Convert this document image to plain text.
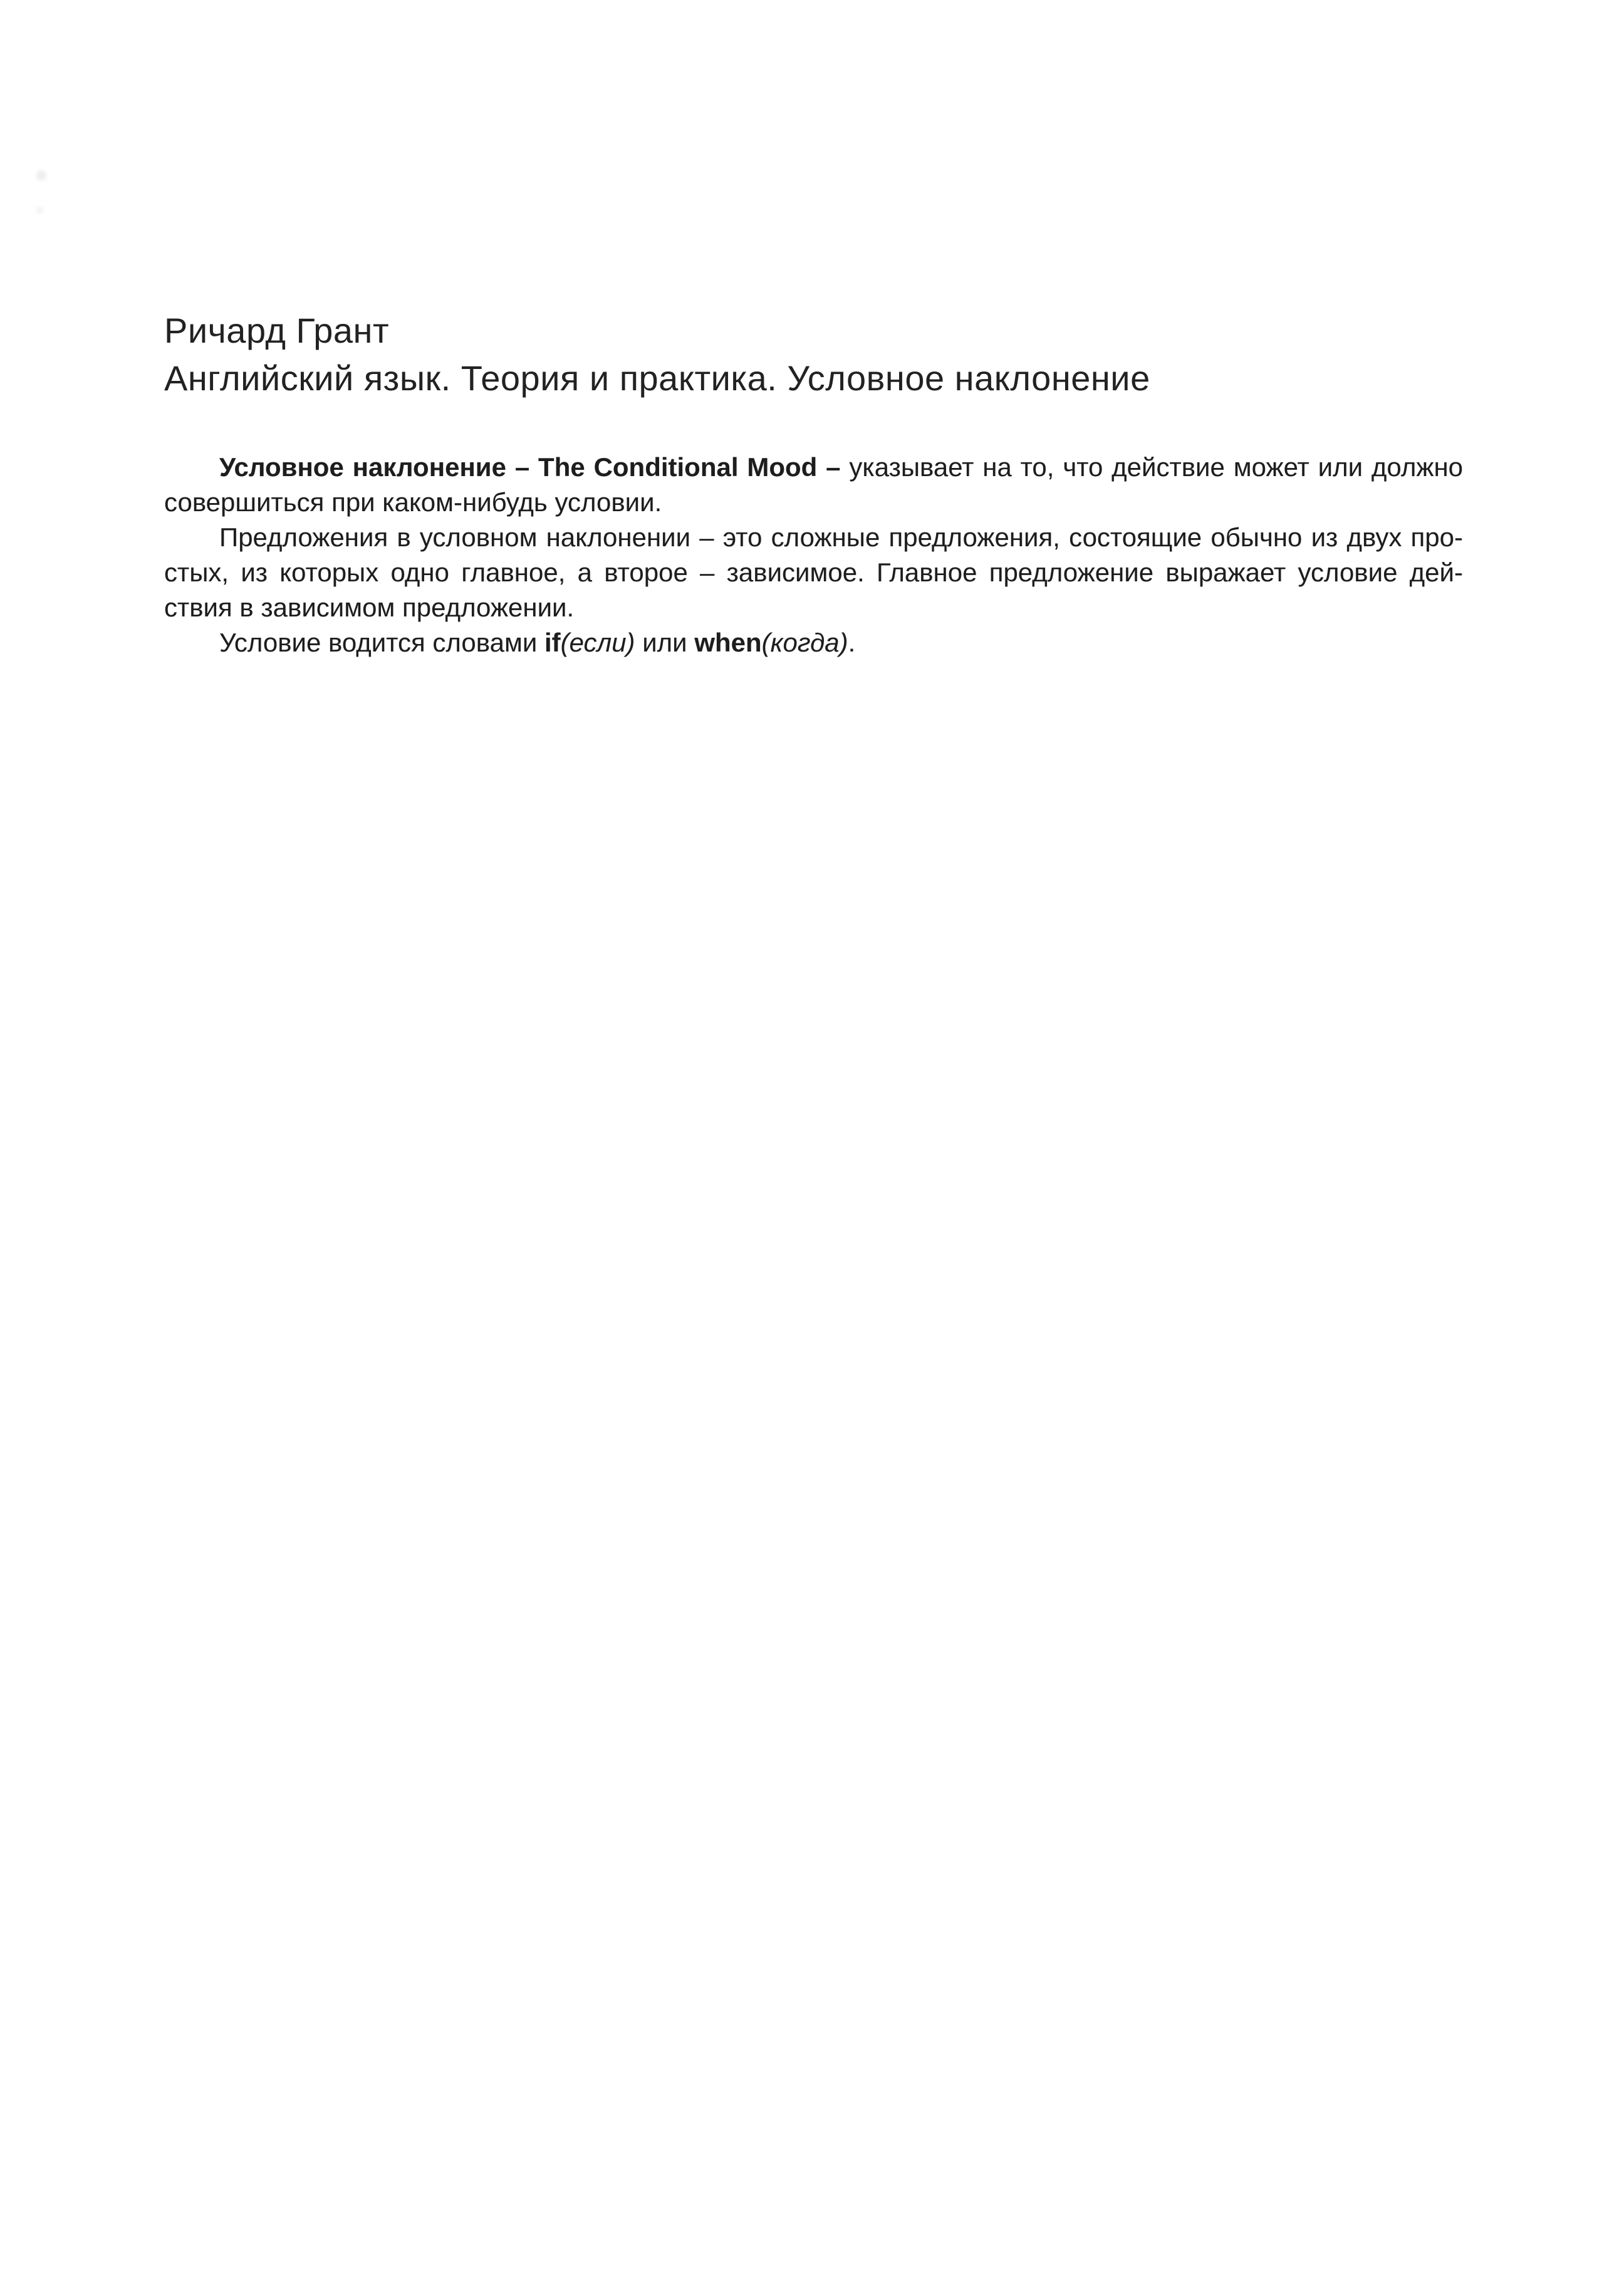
Ричард Грант
Английский язык. Теория и практика. Условное наклонение
Условное наклонение – The Conditional Mood – указывает на то, что действие может или должно
совершиться при каком-нибудь условии.
Предложения в условном наклонении – это сложные предложения, состоящие обычно из двух про-
стых, из которых одно главное, а второе – зависимое. Главное предложение выражает условие дей-
ствия в зависимом предложении.
Условие водится словами if(если) или when(когда).
